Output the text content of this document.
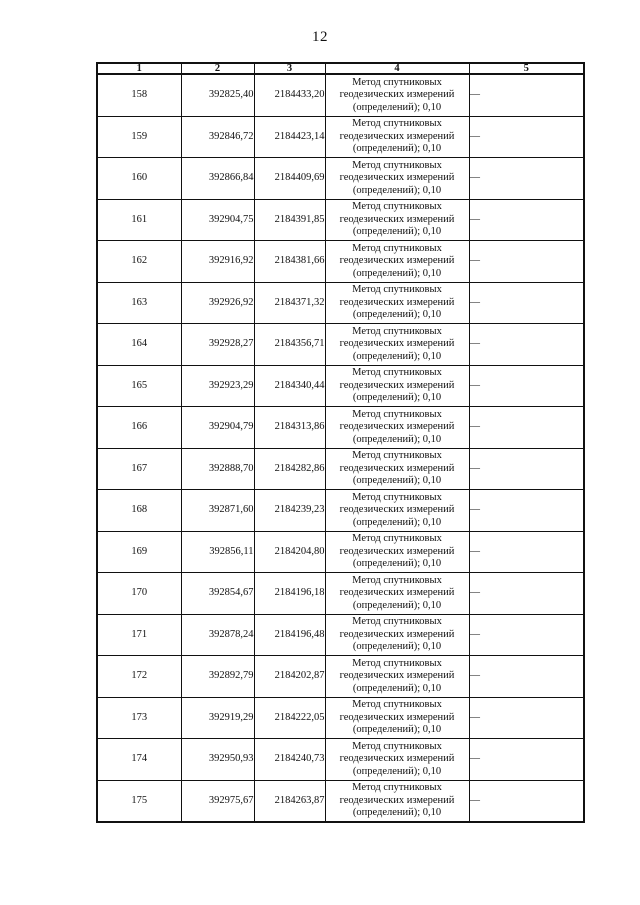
12
1	2	3	4	5
158	392825,40	2184433,20	Метод спутниковых
геодезических измерений
(определений); 0,10	—
159	392846,72	2184423,14	Метод спутниковых
геодезических измерений
(определений); 0,10	—
160	392866,84	2184409,69	Метод спутниковых
геодезических измерений
(определений); 0,10	—
161	392904,75	2184391,85	Метод спутниковых
геодезических измерений
(определений); 0,10	—
162	392916,92	2184381,66	Метод спутниковых
геодезических измерений
(определений); 0,10	—
163	392926,92	2184371,32	Метод спутниковых
геодезических измерений
(определений); 0,10	—
164	392928,27	2184356,71	Метод спутниковых
геодезических измерений
(определений); 0,10	—
165	392923,29	2184340,44	Метод спутниковых
геодезических измерений
(определений); 0,10	—
166	392904,79	2184313,86	Метод спутниковых
геодезических измерений
(определений); 0,10	—
167	392888,70	2184282,86	Метод спутниковых
геодезических измерений
(определений); 0,10	—
168	392871,60	2184239,23	Метод спутниковых
геодезических измерений
(определений); 0,10	—
169	392856,11	2184204,80	Метод спутниковых
геодезических измерений
(определений); 0,10	—
170	392854,67	2184196,18	Метод спутниковых
геодезических измерений
(определений); 0,10	—
171	392878,24	2184196,48	Метод спутниковых
геодезических измерений
(определений); 0,10	—
172	392892,79	2184202,87	Метод спутниковых
геодезических измерений
(определений); 0,10	—
173	392919,29	2184222,05	Метод спутниковых
геодезических измерений
(определений); 0,10	—
174	392950,93	2184240,73	Метод спутниковых
геодезических измерений
(определений); 0,10	—
175	392975,67	2184263,87	Метод спутниковых
геодезических измерений
(определений); 0,10	—
